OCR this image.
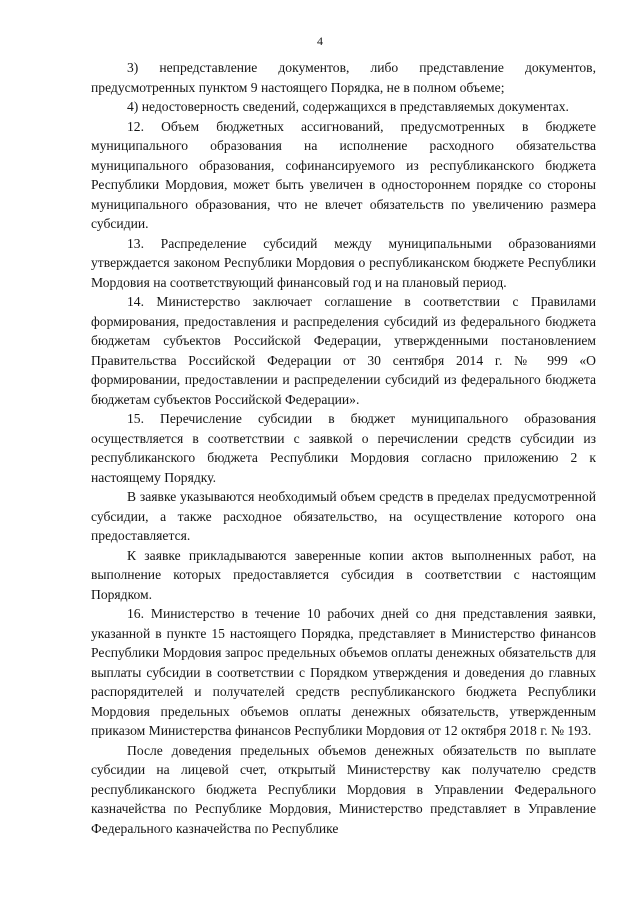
4

3) непредставление документов, либо представление документов, предусмотренных пунктом 9 настоящего Порядка, не в полном объеме;

4) недостоверность сведений, содержащихся в представляемых документах.

12. Объем бюджетных ассигнований, предусмотренных в бюджете муниципального образования на исполнение расходного обязательства муниципального образования, софинансируемого из республиканского бюджета Республики Мордовия, может быть увеличен в одностороннем порядке со стороны муниципального образования, что не влечет обязательств по увеличению размера субсидии.

13. Распределение субсидий между муниципальными образованиями утверждается законом Республики Мордовия о республиканском бюджете Республики Мордовия на соответствующий финансовый год и на плановый период.

14. Министерство заключает соглашение в соответствии с Правилами формирования, предоставления и распределения субсидий из федерального бюджета бюджетам субъектов Российской Федерации, утвержденными постановлением Правительства Российской Федерации от 30 сентября 2014 г. № 999 «О формировании, предоставлении и распределении субсидий из федерального бюджета бюджетам субъектов Российской Федерации».

15. Перечисление субсидии в бюджет муниципального образования осуществляется в соответствии с заявкой о перечислении средств субсидии из республиканского бюджета Республики Мордовия согласно приложению 2 к настоящему Порядку.

В заявке указываются необходимый объем средств в пределах предусмотренной субсидии, а также расходное обязательство, на осуществление которого она предоставляется.

К заявке прикладываются заверенные копии актов выполненных работ, на выполнение которых предоставляется субсидия в соответствии с настоящим Порядком.

16. Министерство в течение 10 рабочих дней со дня представления заявки, указанной в пункте 15 настоящего Порядка, представляет в Министерство финансов Республики Мордовия запрос предельных объемов оплаты денежных обязательств для выплаты субсидии в соответствии с Порядком утверждения и доведения до главных распорядителей и получателей средств республиканского бюджета Республики Мордовия предельных объемов оплаты денежных обязательств, утвержденным приказом Министерства финансов Республики Мордовия от 12 октября 2018 г. № 193.

После доведения предельных объемов денежных обязательств по выплате субсидии на лицевой счет, открытый Министерству как получателю средств республиканского бюджета Республики Мордовия в Управлении Федерального казначейства по Республике Мордовия, Министерство представляет в Управление Федерального казначейства по Республике
